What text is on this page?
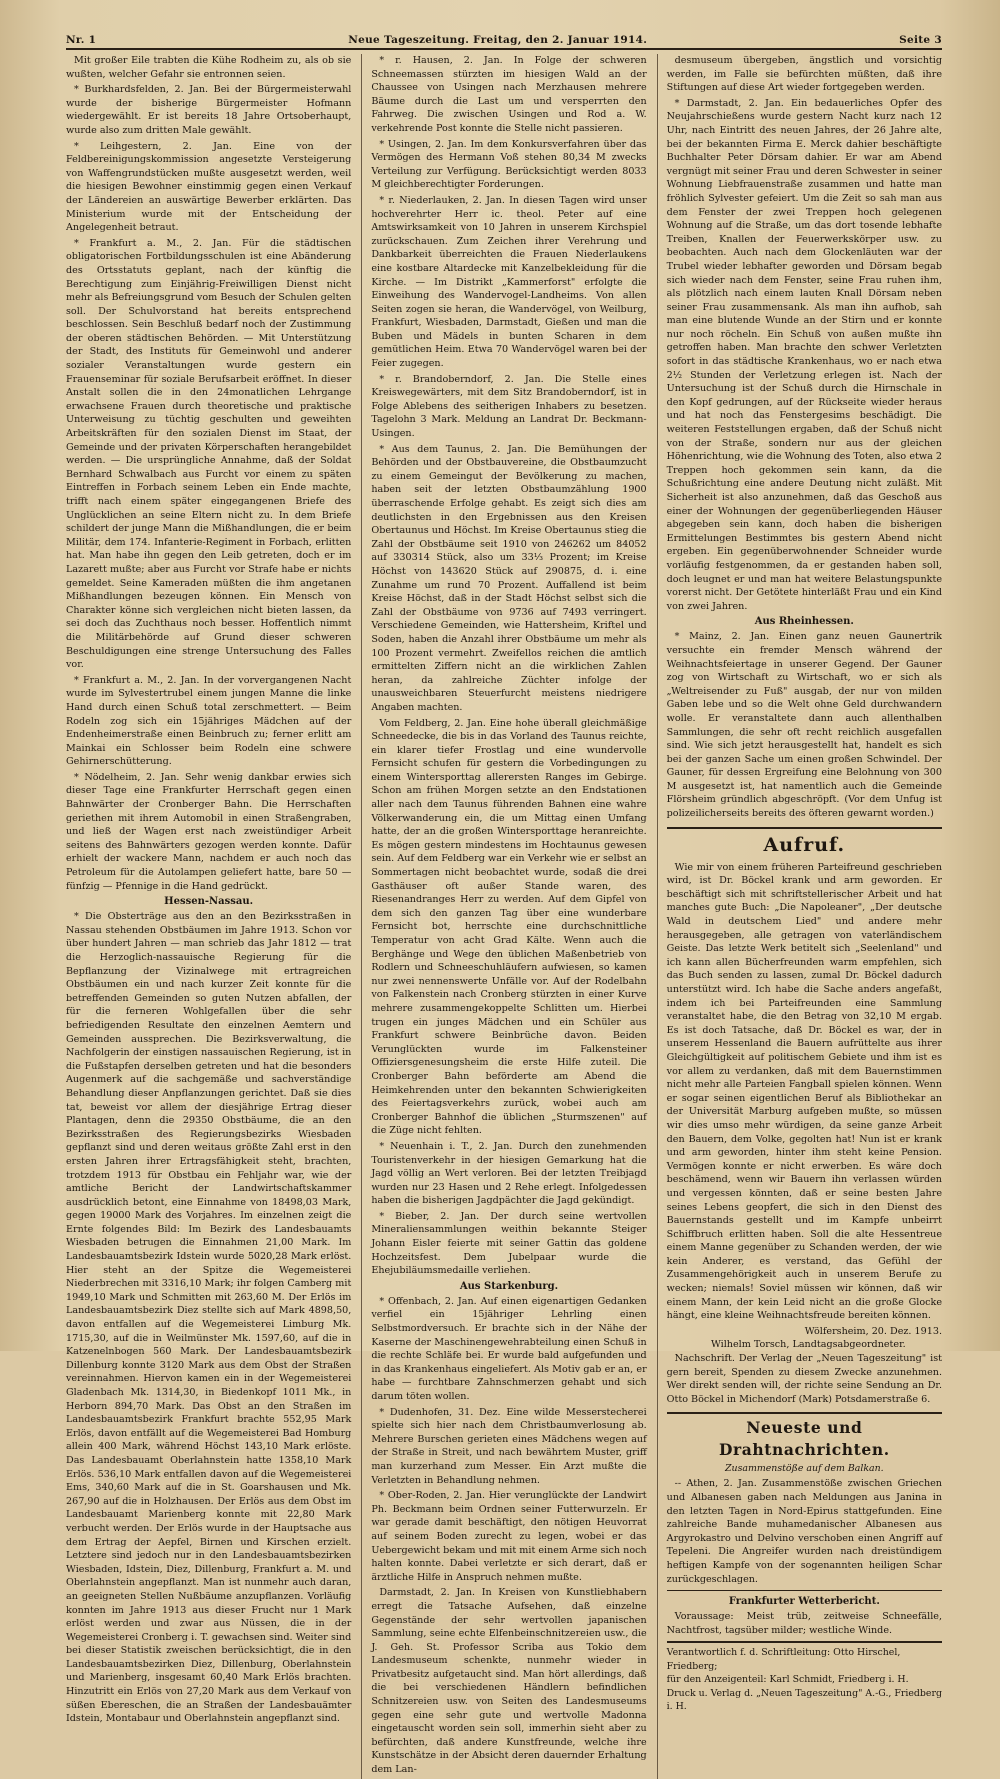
Nr. 1	Neue Tageszeitung. Freitag, den 2. Januar 1914.	Seite 3

Mit großer Eile trabten die Kühe Rodheim zu, als ob sie wußten, welcher Gefahr sie entronnen seien.

* Burkhardsfelden, 2. Jan. Bei der Bürgermeisterwahl wurde der bisherige Bürgermeister Hofmann wiedergewählt. Er ist bereits 18 Jahre Ortsoberhaupt, wurde also zum dritten Male gewählt.

* Leihgestern, 2. Jan. Eine von der Feldbereinigungskommission angesetzte Versteigerung von Waffengrundstücken mußte ausgesetzt werden, weil die hiesigen Bewohner einstimmig gegen einen Verkauf der Ländereien an auswärtige Bewerber erklärten. Das Ministerium wurde mit der Entscheidung der Angelegenheit betraut.

* Frankfurt a. M., 2. Jan. Für die städtischen obligatorischen Fortbildungsschulen ist eine Abänderung des Ortsstatuts geplant, nach der künftig die Berechtigung zum Einjährig-Freiwilligen Dienst nicht mehr als Befreiungsgrund vom Besuch der Schulen gelten soll. Der Schulvorstand hat bereits entsprechend beschlossen. Sein Beschluß bedarf noch der Zustimmung der oberen städtischen Behörden. — Mit Unterstützung der Stadt, des Instituts für Gemeinwohl und anderer sozialer Veranstaltungen wurde gestern ein Frauenseminar für soziale Berufsarbeit eröffnet. In dieser Anstalt sollen die in den 24monatlichen Lehrgange erwachsene Frauen durch theoretische und praktische Unterweisung zu tüchtig geschulten und geweihten Arbeitskräften für den sozialen Dienst im Staat, der Gemeinde und der privaten Körperschaften herangebildet werden. — Die ursprüngliche Annahme, daß der Soldat Bernhard Schwalbach aus Furcht vor einem zu späten Eintreffen in Forbach seinem Leben ein Ende machte, trifft nach einem später eingegangenen Briefe des Unglücklichen an seine Eltern nicht zu. In dem Briefe schildert der junge Mann die Mißhandlungen, die er beim Militär, dem 174. Infanterie-Regiment in Forbach, erlitten hat. Man habe ihn gegen den Leib getreten, doch er im Lazarett mußte; aber aus Furcht vor Strafe habe er nichts gemeldet. Seine Kameraden müßten die ihm angetanen Mißhandlungen bezeugen können. Ein Mensch von Charakter könne sich vergleichen nicht bieten lassen, da sei doch das Zuchthaus noch besser. Hoffentlich nimmt die Militärbehörde auf Grund dieser schweren Beschuldigungen eine strenge Untersuchung des Falles vor.

* Frankfurt a. M., 2. Jan. In der vorvergangenen Nacht wurde im Sylvestertrubel einem jungen Manne die linke Hand durch einen Schuß total zerschmettert. — Beim Rodeln zog sich ein 15jähriges Mädchen auf der Endenheimerstraße einen Beinbruch zu; ferner erlitt am Mainkai ein Schlosser beim Rodeln eine schwere Gehirnerschütterung.

* Nödelheim, 2. Jan. Sehr wenig dankbar erwies sich dieser Tage eine Frankfurter Herrschaft gegen einen Bahnwärter der Cronberger Bahn. Die Herrschaften geriethen mit ihrem Automobil in einen Straßengraben, und ließ der Wagen erst nach zweistündiger Arbeit seitens des Bahnwärters gezogen werden konnte. Dafür erhielt der wackere Mann, nachdem er auch noch das Petroleum für die Autolampen geliefert hatte, bare 50 — fünfzig — Pfennige in die Hand gedrückt.

Hessen-Nassau.

* Die Obsterträge aus den an den Bezirksstraßen in Nassau stehenden Obstbäumen im Jahre 1913. Schon vor über hundert Jahren — man schrieb das Jahr 1812 — trat die Herzoglich-nassauische Regierung für die Bepflanzung der Vizinalwege mit ertragreichen Obstbäumen ein und nach kurzer Zeit konnte für die betreffenden Gemeinden so guten Nutzen abfallen, der für die ferneren Wohlgefallen über die sehr befriedigenden Resultate den einzelnen Aemtern und Gemeinden aussprechen. Die Bezirksverwaltung, die Nachfolgerin der einstigen nassauischen Regierung, ist in die Fußstapfen derselben getreten und hat die besonders Augenmerk auf die sachgemäße und sachverständige Behandlung dieser Anpflanzungen gerichtet. Daß sie dies tat, beweist vor allem der diesjährige Ertrag dieser Plantagen, denn die 29350 Obstbäume, die an den Bezirksstraßen des Regierungsbezirks Wiesbaden gepflanzt sind und deren weitaus größte Zahl erst in den ersten Jahren ihrer Ertragsfähigkeit steht, brachten, trotzdem 1913 für Obstbau ein Fehljahr war, wie der amtliche Bericht der Landwirtschaftskammer ausdrücklich betont, eine Einnahme von 18498,03 Mark, gegen 19000 Mark des Vorjahres. Im einzelnen zeigt die Ernte folgendes Bild: Im Bezirk des Landesbauamts Wiesbaden betrugen die Einnahmen 21,00 Mark. Im Landesbauamtsbezirk Idstein wurde 5020,28 Mark erlöst. Hier steht an der Spitze die Wegemeisterei Niederbrechen mit 3316,10 Mark; ihr folgen Camberg mit 1949,10 Mark und Schmitten mit 263,60 M. Der Erlös im Landesbauamtsbezirk Diez stellte sich auf Mark 4898,50, davon entfallen auf die Wegemeisterei Limburg Mk. 1715,30, auf die in Weilmünster Mk. 1597,60, auf die in Katzenelnbogen 560 Mark. Der Landesbauamtsbezirk Dillenburg konnte 3120 Mark aus dem Obst der Straßen vereinnahmen. Hiervon kamen ein in der Wegemeisterei Gladenbach Mk. 1314,30, in Biedenkopf 1011 Mk., in Herborn 894,70 Mark. Das Obst an den Straßen im Landesbauamtsbezirk Frankfurt brachte 552,95 Mark Erlös, davon entfällt auf die Wegemeisterei Bad Homburg allein 400 Mark, während Höchst 143,10 Mark erlöste. Das Landesbauamt Oberlahnstein hatte 1358,10 Mark Erlös. 536,10 Mark entfallen davon auf die Wegemeisterei Ems, 340,60 Mark auf die in St. Goarshausen und Mk. 267,90 auf die in Holzhausen. Der Erlös aus dem Obst im Landesbauamt Marienberg konnte mit 22,80 Mark verbucht werden. Der Erlös wurde in der Hauptsache aus dem Ertrag der Aepfel, Birnen und Kirschen erzielt. Letztere sind jedoch nur in den Landesbauamtsbezirken Wiesbaden, Idstein, Diez, Dillenburg, Frankfurt a. M. und Oberlahnstein angepflanzt. Man ist nunmehr auch daran, an geeigneten Stellen Nußbäume anzupflanzen. Vorläufig konnten im Jahre 1913 aus dieser Frucht nur 1 Mark erlöst werden und zwar aus Nüssen, die in der Wegemeisterei Cronberg i. T. gewachsen sind. Weiter sind bei dieser Statistik zweischen berücksichtigt, die in den Landesbauamtsbezirken Diez, Dillenburg, Oberlahnstein und Marienberg, insgesamt 60,40 Mark Erlös brachten. Hinzutritt ein Erlös von 27,20 Mark aus dem Verkauf von süßen Ebereschen, die an Straßen der Landesbauämter Idstein, Montabaur und Oberlahnstein angepflanzt sind.

* r. Hausen, 2. Jan. In Folge der schweren Schneemassen stürzten im hiesigen Wald an der Chaussee von Usingen nach Merzhausen mehrere Bäume durch die Last um und versperrten den Fahrweg. Die zwischen Usingen und Rod a. W. verkehrende Post konnte die Stelle nicht passieren.

* Usingen, 2. Jan. Im dem Konkursverfahren über das Vermögen des Hermann Voß stehen 80,34 M zwecks Verteilung zur Verfügung. Berücksichtigt werden 8033 M gleichberechtigter Forderungen.

* r. Niederlauken, 2. Jan. In diesen Tagen wird unser hochverehrter Herr ic. theol. Peter auf eine Amtswirksamkeit von 10 Jahren in unserem Kirchspiel zurückschauen. Zum Zeichen ihrer Verehrung und Dankbarkeit überreichten die Frauen Niederlaukens eine kostbare Altardecke mit Kanzelbekleidung für die Kirche. — Im Distrikt „Kammerforst" erfolgte die Einweihung des Wandervogel-Landheims. Von allen Seiten zogen sie heran, die Wandervögel, von Weilburg, Frankfurt, Wiesbaden, Darmstadt, Gießen und man die Buben und Mädels in bunten Scharen in dem gemütlichen Heim. Etwa 70 Wandervögel waren bei der Feier zugegen.

* r. Brandoberndorf, 2. Jan. Die Stelle eines Kreiswegewärters, mit dem Sitz Brandoberndorf, ist in Folge Ablebens des seitherigen Inhabers zu besetzen. Tagelohn 3 Mark. Meldung an Landrat Dr. Beckmann-Usingen.

* Aus dem Taunus, 2. Jan. Die Bemühungen der Behörden und der Obstbauvereine, die Obstbaumzucht zu einem Gemeingut der Bevölkerung zu machen, haben seit der letzten Obstbaumzählung 1900 überraschende Erfolge gehabt. Es zeigt sich dies am deutlichsten in den Ergebnissen aus den Kreisen Obertaunus und Höchst. Im Kreise Obertaunus stieg die Zahl der Obstbäume seit 1910 von 246262 um 84052 auf 330314 Stück, also um 33⅓ Prozent; im Kreise Höchst von 143620 Stück auf 290875, d. i. eine Zunahme um rund 70 Prozent. Auffallend ist beim Kreise Höchst, daß in der Stadt Höchst selbst sich die Zahl der Obstbäume von 9736 auf 7493 verringert. Verschiedene Gemeinden, wie Hattersheim, Kriftel und Soden, haben die Anzahl ihrer Obstbäume um mehr als 100 Prozent vermehrt. Zweifellos reichen die amtlich ermittelten Ziffern nicht an die wirklichen Zahlen heran, da zahlreiche Züchter infolge der unausweichbaren Steuerfurcht meistens niedrigere Angaben machten.

Vom Feldberg, 2. Jan. Eine hohe überall gleichmäßige Schneedecke, die bis in das Vorland des Taunus reichte, ein klarer tiefer Frostlag und eine wundervolle Fernsicht schufen für gestern die Vorbedingungen zu einem Wintersporttag allerersten Ranges im Gebirge. Schon am frühen Morgen setzte an den Endstationen aller nach dem Taunus führenden Bahnen eine wahre Völkerwanderung ein, die um Mittag einen Umfang hatte, der an die großen Wintersporttage heranreichte. Es mögen gestern mindestens im Hochtaunus gewesen sein. Auf dem Feldberg war ein Verkehr wie er selbst an Sommertagen nicht beobachtet wurde, sodaß die drei Gasthäuser oft außer Stande waren, des Riesenandranges Herr zu werden. Auf dem Gipfel von dem sich den ganzen Tag über eine wunderbare Fernsicht bot, herrschte eine durchschnittliche Temperatur von acht Grad Kälte. Wenn auch die Berghänge und Wege den üblichen Maßenbetrieb von Rodlern und Schneeschuhläufern aufwiesen, so kamen nur zwei nennenswerte Unfälle vor. Auf der Rodelbahn von Falkenstein nach Cronberg stürzten in einer Kurve mehrere zusammengekoppelte Schlitten um. Hierbei trugen ein junges Mädchen und ein Schüler aus Frankfurt schwere Beinbrüche davon. Beiden Verunglückten wurde im Falkensteiner Offiziersgenesungsheim die erste Hilfe zuteil. Die Cronberger Bahn beförderte am Abend die Heimkehrenden unter den bekannten Schwierigkeiten des Feiertagsverkehrs zurück, wobei auch am Cronberger Bahnhof die üblichen „Sturmszenen" auf die Züge nicht fehlten.

* Neuenhain i. T., 2. Jan. Durch den zunehmenden Touristenverkehr in der hiesigen Gemarkung hat die Jagd völlig an Wert verloren. Bei der letzten Treibjagd wurden nur 23 Hasen und 2 Rehe erlegt. Infolgedessen haben die bisherigen Jagdpächter die Jagd gekündigt.

* Bieber, 2. Jan. Der durch seine wertvollen Mineraliensammlungen weithin bekannte Steiger Johann Eisler feierte mit seiner Gattin das goldene Hochzeitsfest. Dem Jubelpaar wurde die Ehejubiläumsmedaille verliehen.

Aus Starkenburg.

* Offenbach, 2. Jan. Auf einen eigenartigen Gedanken verfiel ein 15jähriger Lehrling einen Selbstmordversuch. Er brachte sich in der Nähe der Kaserne der Maschinengewehrabteilung einen Schuß in die rechte Schläfe bei. Er wurde bald aufgefunden und in das Krankenhaus eingeliefert. Als Motiv gab er an, er habe — furchtbare Zahnschmerzen gehabt und sich darum töten wollen.

* Dudenhofen, 31. Dez. Eine wilde Messerstecherei spielte sich hier nach dem Christbaumverlosung ab. Mehrere Burschen gerieten eines Mädchens wegen auf der Straße in Streit, und nach bewährtem Muster, griff man kurzerhand zum Messer. Ein Arzt mußte die Verletzten in Behandlung nehmen.

* Ober-Roden, 2. Jan. Hier verunglückte der Landwirt Ph. Beckmann beim Ordnen seiner Futterwurzeln. Er war gerade damit beschäftigt, den nötigen Heuvorrat auf seinem Boden zurecht zu legen, wobei er das Uebergewicht bekam und mit mit einem Arme sich noch halten konnte. Dabei verletzte er sich derart, daß er ärztliche Hilfe in Anspruch nehmen mußte.

Darmstadt, 2. Jan. In Kreisen von Kunstliebhabern erregt die Tatsache Aufsehen, daß einzelne Gegenstände der sehr wertvollen japanischen Sammlung, seine echte Elfenbeinschnitzereien usw., die J. Geh. St. Professor Scriba aus Tokio dem Landesmuseum schenkte, nunmehr wieder in Privatbesitz aufgetaucht sind. Man hört allerdings, daß die bei verschiedenen Händlern befindlichen Schnitzereien usw. von Seiten des Landesmuseums gegen eine sehr gute und wertvolle Madonna eingetauscht worden sein soll, immerhin sieht aber zu befürchten, daß andere Kunstfreunde, welche ihre Kunstschätze in der Absicht deren dauernder Erhaltung dem Lan-

desmuseum übergeben, ängstlich und vorsichtig werden, im Falle sie befürchten müßten, daß ihre Stiftungen auf diese Art wieder fortgegeben werden.

* Darmstadt, 2. Jan. Ein bedauerliches Opfer des Neujahrschießens wurde gestern Nacht kurz nach 12 Uhr, nach Eintritt des neuen Jahres, der 26 Jahre alte, bei der bekannten Firma E. Merck dahier beschäftigte Buchhalter Peter Dörsam dahier. Er war am Abend vergnügt mit seiner Frau und deren Schwester in seiner Wohnung Liebfrauenstraße zusammen und hatte man fröhlich Sylvester gefeiert. Um die Zeit so sah man aus dem Fenster der zwei Treppen hoch gelegenen Wohnung auf die Straße, um das dort tosende lebhafte Treiben, Knallen der Feuerwerkskörper usw. zu beobachten. Auch nach dem Glockenläuten war der Trubel wieder lebhafter geworden und Dörsam begab sich wieder nach dem Fenster, seine Frau ruhen ihm, als plötzlich nach einem lauten Knall Dörsam neben seiner Frau zusammensank. Als man ihn aufhob, sah man eine blutende Wunde an der Stirn und er konnte nur noch röcheln. Ein Schuß von außen mußte ihn getroffen haben. Man brachte den schwer Verletzten sofort in das städtische Krankenhaus, wo er nach etwa 2½ Stunden der Verletzung erlegen ist. Nach der Untersuchung ist der Schuß durch die Hirnschale in den Kopf gedrungen, auf der Rückseite wieder heraus und hat noch das Fenstergesims beschädigt. Die weiteren Feststellungen ergaben, daß der Schuß nicht von der Straße, sondern nur aus der gleichen Höhenrichtung, wie die Wohnung des Toten, also etwa 2 Treppen hoch gekommen sein kann, da die Schußrichtung eine andere Deutung nicht zuläßt. Mit Sicherheit ist also anzunehmen, daß das Geschoß aus einer der Wohnungen der gegenüberliegenden Häuser abgegeben sein kann, doch haben die bisherigen Ermittelungen Bestimmtes bis gestern Abend nicht ergeben. Ein gegenüberwohnender Schneider wurde vorläufig festgenommen, da er gestanden haben soll, doch leugnet er und man hat weitere Belastungspunkte vorerst nicht. Der Getötete hinterläßt Frau und ein Kind von zwei Jahren.

Aus Rheinhessen.

* Mainz, 2. Jan. Einen ganz neuen Gaunertrik versuchte ein fremder Mensch während der Weihnachtsfeiertage in unserer Gegend. Der Gauner zog von Wirtschaft zu Wirtschaft, wo er sich als „Weltreisender zu Fuß" ausgab, der nur von milden Gaben lebe und so die Welt ohne Geld durchwandern wolle. Er veranstaltete dann auch allenthalben Sammlungen, die sehr oft recht reichlich ausgefallen sind. Wie sich jetzt herausgestellt hat, handelt es sich bei der ganzen Sache um einen großen Schwindel. Der Gauner, für dessen Ergreifung eine Belohnung von 300 M ausgesetzt ist, hat namentlich auch die Gemeinde Flörsheim gründlich abgeschröpft. (Vor dem Unfug ist polizeilicherseits bereits des öfteren gewarnt worden.)

Aufruf.

Wie mir von einem früheren Parteifreund geschrieben wird, ist Dr. Böckel krank und arm geworden. Er beschäftigt sich mit schriftstellerischer Arbeit und hat manches gute Buch: „Die Napoleaner", „Der deutsche Wald in deutschem Lied" und andere mehr herausgegeben, alle getragen von vaterländischem Geiste. Das letzte Werk betitelt sich „Seelenland" und ich kann allen Bücherfreunden warm empfehlen, sich das Buch senden zu lassen, zumal Dr. Böckel dadurch unterstützt wird. Ich habe die Sache anders angefaßt, indem ich bei Parteifreunden eine Sammlung veranstaltet habe, die den Betrag von 32,10 M ergab. Es ist doch Tatsache, daß Dr. Böckel es war, der in unserem Hessenland die Bauern aufrüttelte aus ihrer Gleichgültigkeit auf politischem Gebiete und ihm ist es vor allem zu verdanken, daß mit dem Bauernstimmen nicht mehr alle Parteien Fangball spielen können. Wenn er sogar seinen eigentlichen Beruf als Bibliothekar an der Universität Marburg aufgeben mußte, so müssen wir dies umso mehr würdigen, da seine ganze Arbeit den Bauern, dem Volke, gegolten hat! Nun ist er krank und arm geworden, hinter ihm steht keine Pension. Vermögen konnte er nicht erwerben. Es wäre doch beschämend, wenn wir Bauern ihn verlassen würden und vergessen könnten, daß er seine besten Jahre seines Lebens geopfert, die sich in den Dienst des Bauernstands gestellt und im Kampfe unbeirrt Schiffbruch erlitten haben. Soll die alte Hessentreue einem Manne gegenüber zu Schanden werden, der wie kein Anderer, es verstand, das Gefühl der Zusammengehörigkeit auch in unserem Berufe zu wecken; niemals! Soviel müssen wir können, daß wir einem Mann, der kein Leid nicht an die große Glocke hängt, eine kleine Weihnachtsfreude bereiten können.

Wölfersheim, 20. Dez. 1913.

Wilhelm Torsch, Landtagsabgeordneter.

Nachschrift. Der Verlag der „Neuen Tageszeitung" ist gern bereit, Spenden zu diesem Zwecke anzunehmen. Wer direkt senden will, der richte seine Sendung an Dr. Otto Böckel in Michendorf (Mark) Potsdamerstraße 6.

Neueste und Drahtnachrichten.
Zusammenstöße auf dem Balkan.

-- Athen, 2. Jan. Zusammenstöße zwischen Griechen und Albanesen gaben nach Meldungen aus Janina in den letzten Tagen in Nord-Epirus stattgefunden. Eine zahlreiche Bande muhamedanischer Albanesen aus Argyrokastro und Delvino verschoben einen Angriff auf Tepeleni. Die Angreifer wurden nach dreistündigem heftigen Kampfe von der sogenannten heiligen Schar zurückgeschlagen.

Frankfurter Wetterbericht.

Voraussage: Meist trüb, zeitweise Schneefälle, Nachtfrost, tagsüber milder; westliche Winde.

Verantwortlich f. d. Schriftleitung: Otto Hirschel, Friedberg;

für den Anzeigenteil: Karl Schmidt, Friedberg i. H.

Druck u. Verlag d. „Neuen Tageszeitung" A.-G., Friedberg i. H.
